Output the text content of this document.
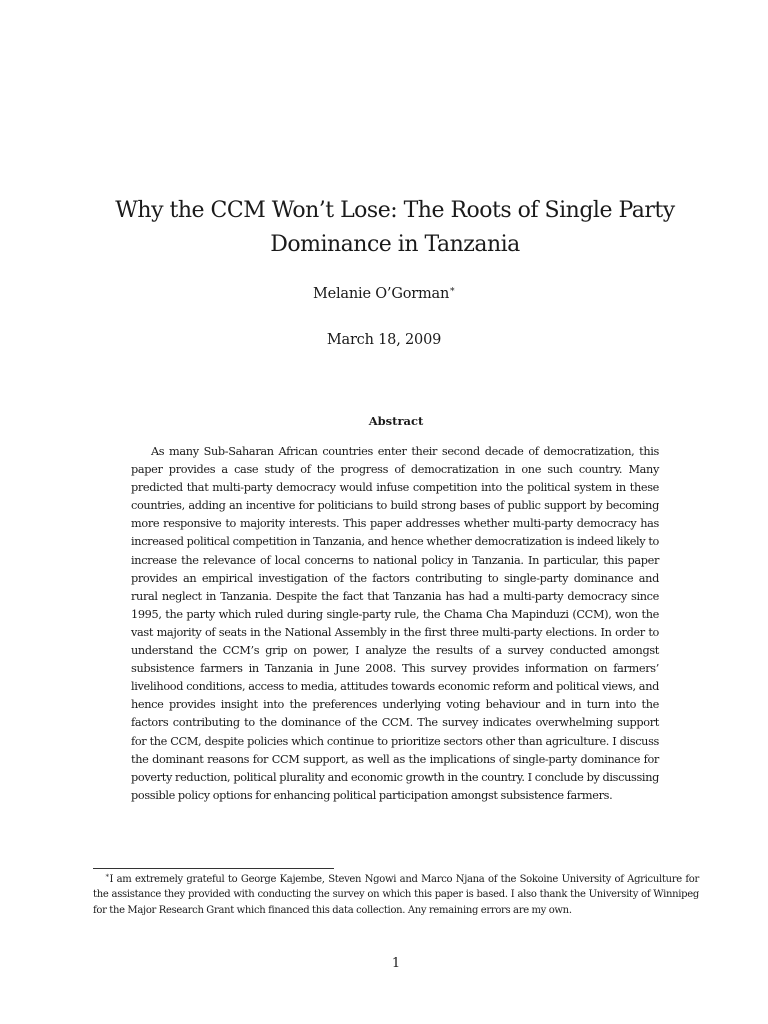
Why the CCM Won’t Lose: The Roots of Single Party Dominance in Tanzania
Melanie O’Gorman∗
March 18, 2009
Abstract

As many Sub-Saharan African countries enter their second decade of democratization, this paper provides a case study of the progress of democratization in one such country. Many predicted that multi-party democracy would infuse competition into the political system in these countries, adding an incentive for politicians to build strong bases of public support by becoming more responsive to majority interests. This paper addresses whether multi-party democracy has increased political competition in Tanzania, and hence whether democratization is indeed likely to increase the relevance of local concerns to national policy in Tanzania. In particular, this paper provides an empirical investigation of the factors contributing to single-party dominance and rural neglect in Tanzania. Despite the fact that Tanzania has had a multi-party democracy since 1995, the party which ruled during single-party rule, the Chama Cha Mapinduzi (CCM), won the vast majority of seats in the National Assembly in the first three multi-party elections. In order to understand the CCM’s grip on power, I analyze the results of a survey conducted amongst subsistence farmers in Tanzania in June 2008. This survey provides information on farmers’ livelihood conditions, access to media, attitudes towards economic reform and political views, and hence provides insight into the preferences underlying voting behaviour and in turn into the factors contributing to the dominance of the CCM. The survey indicates overwhelming support for the CCM, despite policies which continue to prioritize sectors other than agriculture. I discuss the dominant reasons for CCM support, as well as the implications of single-party dominance for poverty reduction, political plurality and economic growth in the country. I conclude by discussing possible policy options for enhancing political participation amongst subsistence farmers.

∗I am extremely grateful to George Kajembe, Steven Ngowi and Marco Njana of the Sokoine University of Agriculture for the assistance they provided with conducting the survey on which this paper is based. I also thank the University of Winnipeg for the Major Research Grant which financed this data collection. Any remaining errors are my own.

1
